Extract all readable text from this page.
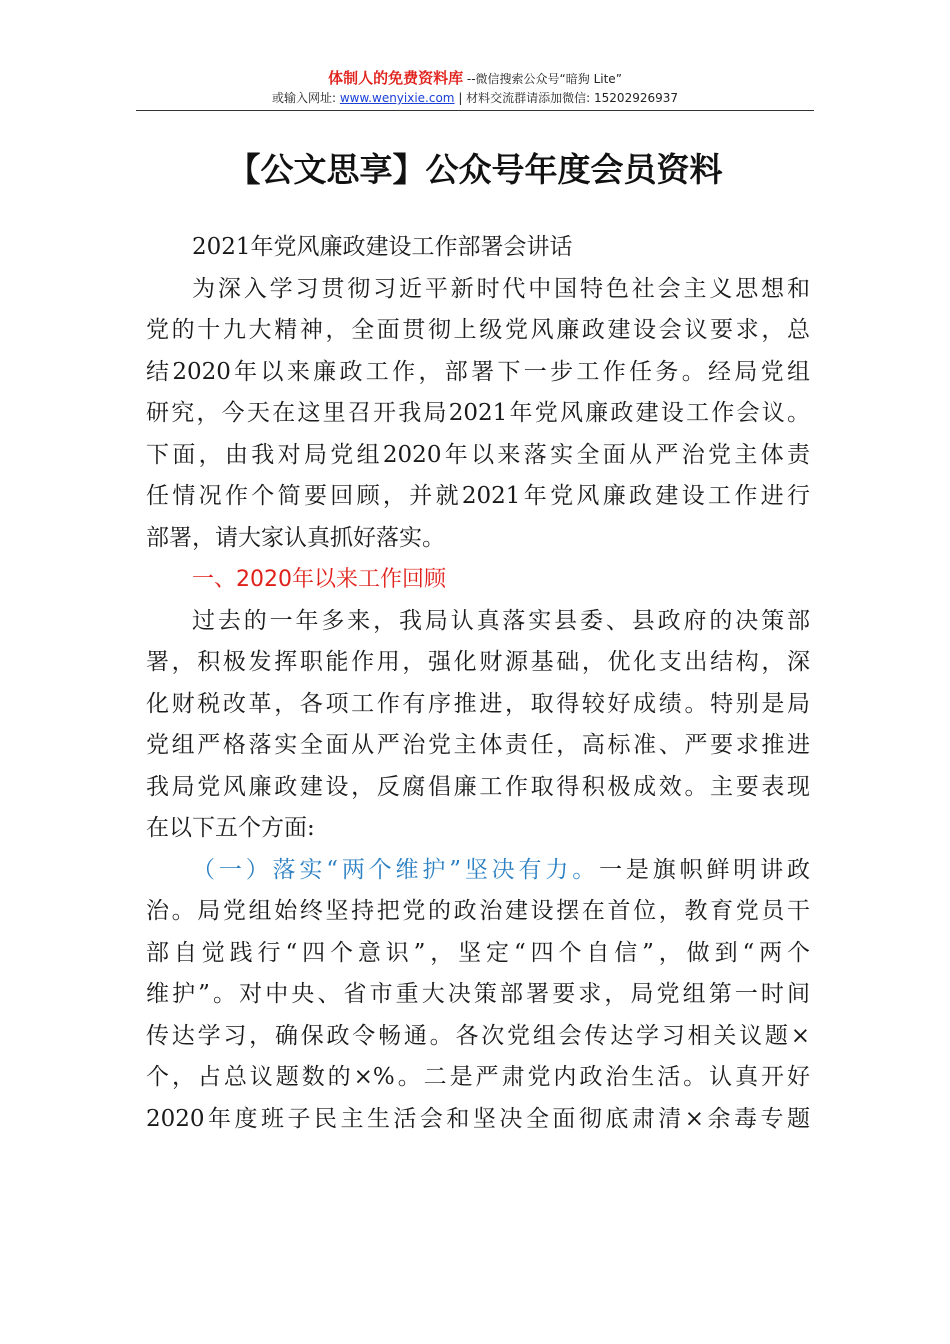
体制人的免费资料库 --微信搜索公众号“暗狗 Lite”
或输入网址: www.wenyixie.com | 材料交流群请添加微信: 15202926937
【公文思享】公众号年度会员资料
2021年党风廉政建设工作部署会讲话
为深入学习贯彻习近平新时代中国特色社会主义思想和
党的十九大精神，全面贯彻上级党风廉政建设会议要求，总
结2020年以来廉政工作，部署下一步工作任务。经局党组
研究，今天在这里召开我局2021年党风廉政建设工作会议。
下面，由我对局党组2020年以来落实全面从严治党主体责
任情况作个简要回顾，并就2021年党风廉政建设工作进行
部署，请大家认真抓好落实。
一、2020年以来工作回顾
过去的一年多来，我局认真落实县委、县政府的决策部
署，积极发挥职能作用，强化财源基础，优化支出结构，深
化财税改革，各项工作有序推进，取得较好成绩。特别是局
党组严格落实全面从严治党主体责任，高标准、严要求推进
我局党风廉政建设，反腐倡廉工作取得积极成效。主要表现
在以下五个方面:
（一）落实“两个维护”坚决有力。一是旗帜鲜明讲政
治。局党组始终坚持把党的政治建设摆在首位，教育党员干
部自觉践行“四个意识”，坚定“四个自信”，做到“两个
维护”。对中央、省市重大决策部署要求，局党组第一时间
传达学习，确保政令畅通。各次党组会传达学习相关议题×
个，占总议题数的×%。二是严肃党内政治生活。认真开好
2020年度班子民主生活会和坚决全面彻底肃清×余毒专题
